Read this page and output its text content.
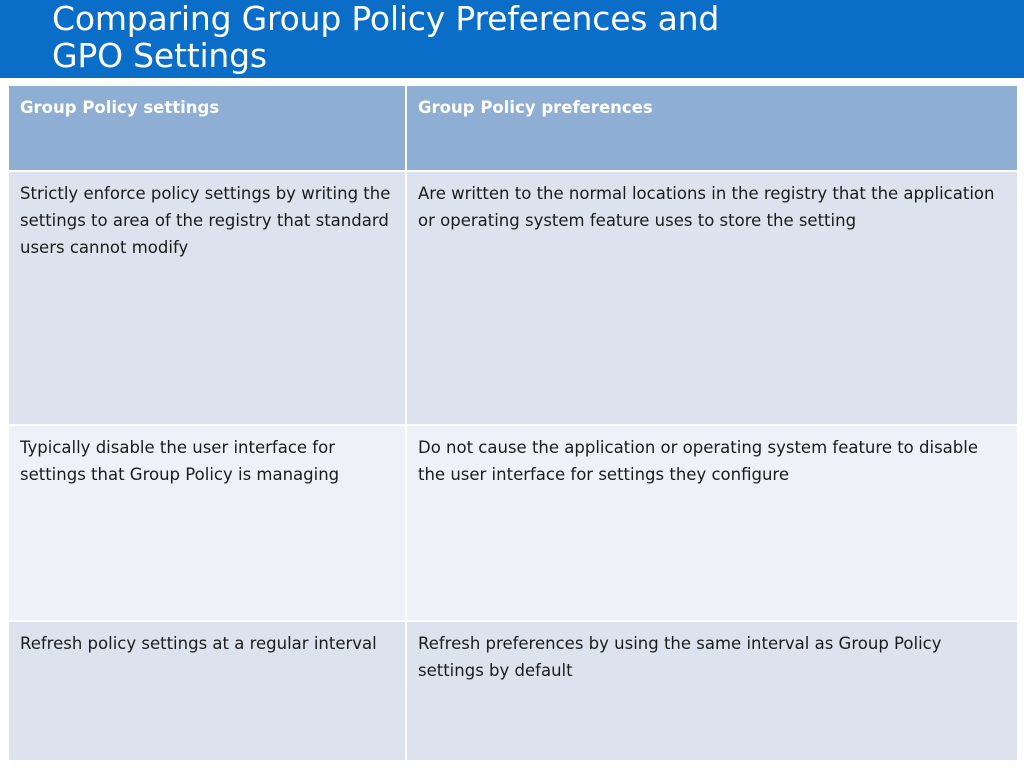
Comparing Group Policy Preferences and
GPO Settings
Group Policy settings	Group Policy preferences
Strictly enforce policy settings by writing the settings to area of the registry that standard users cannot modify	Are written to the normal locations in the registry that the application or operating system feature uses to store the setting
Typically disable the user interface for settings that Group Policy is managing	Do not cause the application or operating system feature to disable the user interface for settings they configure
Refresh policy settings at a regular interval	Refresh preferences by using the same interval as Group Policy settings by default
